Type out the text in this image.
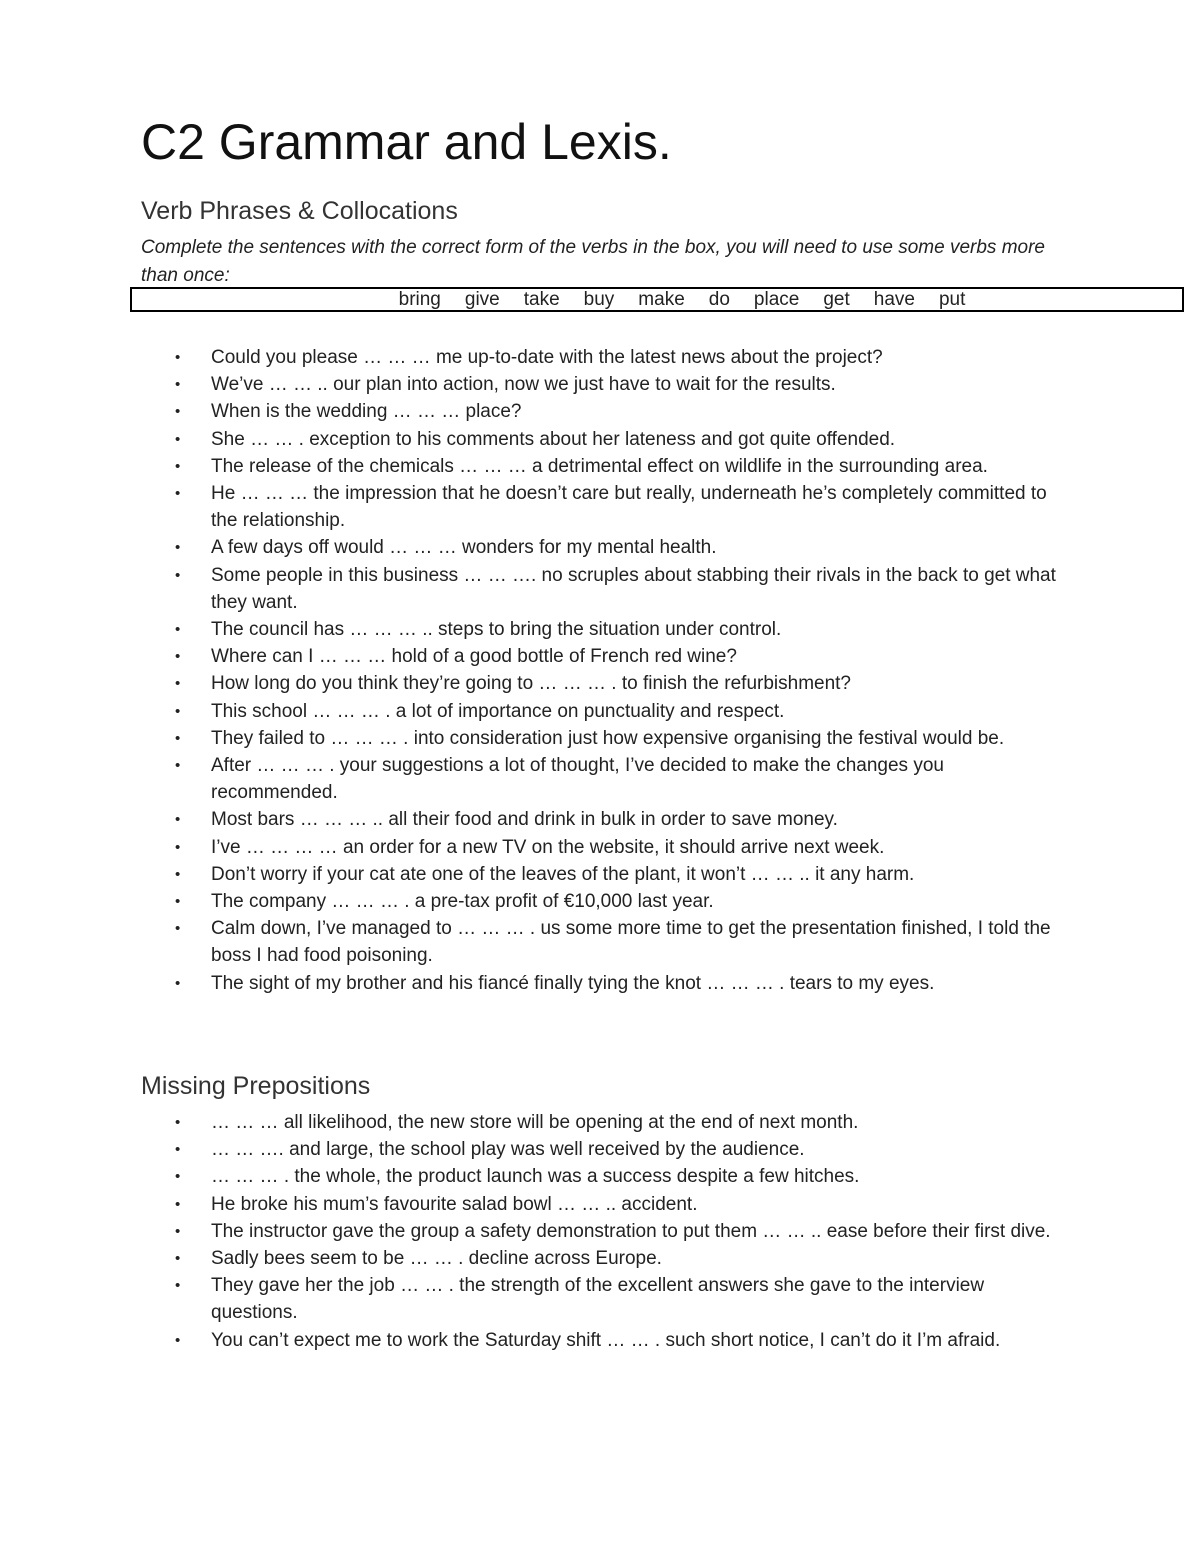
C2 Grammar and Lexis.
Verb Phrases & Collocations

Complete the sentences with the correct form of the verbs in the box, you will need to use some verbs more than once:

bring give take buy make do place get have put
• Could you please … … … me up-to-date with the latest news about the project?
• We’ve … … .. our plan into action, now we just have to wait for the results.
• When is the wedding … … … place?
• She … … . exception to his comments about her lateness and got quite offended.
• The release of the chemicals … … … a detrimental effect on wildlife in the surrounding area.
• He … … … the impression that he doesn’t care but really, underneath he’s completely committed to the relationship.
• A few days off would … … … wonders for my mental health.
• Some people in this business … … …. no scruples about stabbing their rivals in the back to get what they want.
• The council has … … … .. steps to bring the situation under control.
• Where can I … … … hold of a good bottle of French red wine?
• How long do you think they’re going to … … … . to finish the refurbishment?
• This school … … … . a lot of importance on punctuality and respect.
• They failed to … … … . into consideration just how expensive organising the festival would be.
• After … … … . your suggestions a lot of thought, I’ve decided to make the changes you recommended.
• Most bars … … … .. all their food and drink in bulk in order to save money.
• I’ve … … … … an order for a new TV on the website, it should arrive next week.
• Don’t worry if your cat ate one of the leaves of the plant, it won’t … … .. it any harm.
• The company … … … . a pre-tax profit of €10,000 last year.
• Calm down, I’ve managed to … … … . us some more time to get the presentation finished, I told the boss I had food poisoning.
• The sight of my brother and his fiancé finally tying the knot … … … . tears to my eyes.
Missing Prepositions
• … … … all likelihood, the new store will be opening at the end of next month.
• … … …. and large, the school play was well received by the audience.
• … … … . the whole, the product launch was a success despite a few hitches.
• He broke his mum’s favourite salad bowl … … .. accident.
• The instructor gave the group a safety demonstration to put them … … .. ease before their first dive.
• Sadly bees seem to be … … . decline across Europe.
• They gave her the job … … . the strength of the excellent answers she gave to the interview questions.
• You can’t expect me to work the Saturday shift … … . such short notice, I can’t do it I’m afraid.
